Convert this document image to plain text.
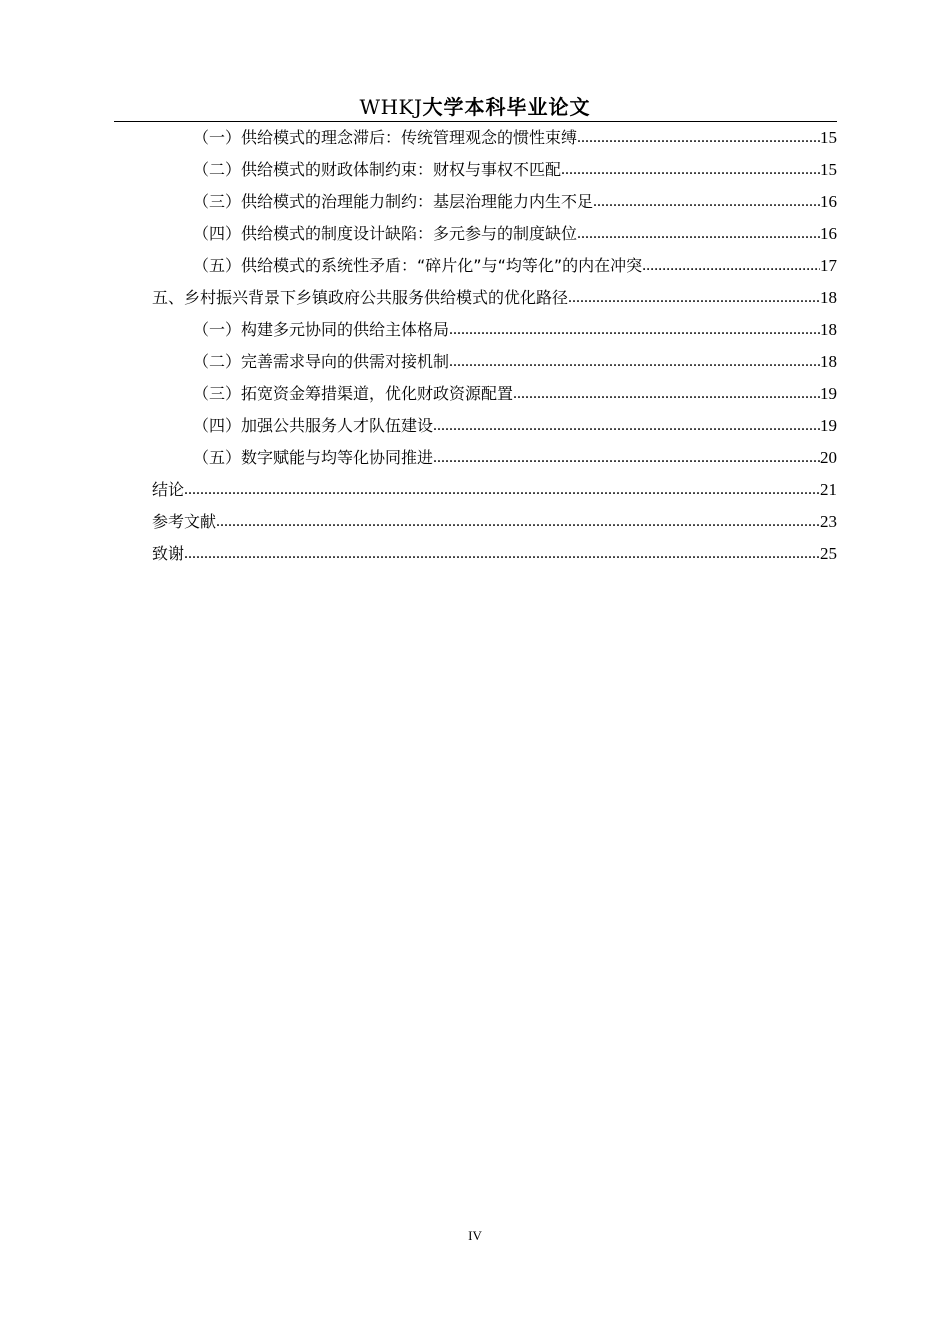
WHKJ大学本科毕业论文
（一）供给模式的理念滞后：传统管理观念的惯性束缚 .....	15
（二）供给模式的财政体制约束：财权与事权不匹配 .....	15
（三）供给模式的治理能力制约：基层治理能力内生不足 .....	16
（四）供给模式的制度设计缺陷：多元参与的制度缺位 .....	16
（五）供给模式的系统性矛盾：“碎片化”与“均等化”的内在冲突 .....	17
五、乡村振兴背景下乡镇政府公共服务供给模式的优化路径 .....	18
（一）构建多元协同的供给主体格局 .....	18
（二）完善需求导向的供需对接机制 .....	18
（三）拓宽资金筹措渠道，优化财政资源配置 .....	19
（四）加强公共服务人才队伍建设 .....	19
（五）数字赋能与均等化协同推进 .....	20
结论 .....	21
参考文献 .....	23
致谢 .....	25
IV
